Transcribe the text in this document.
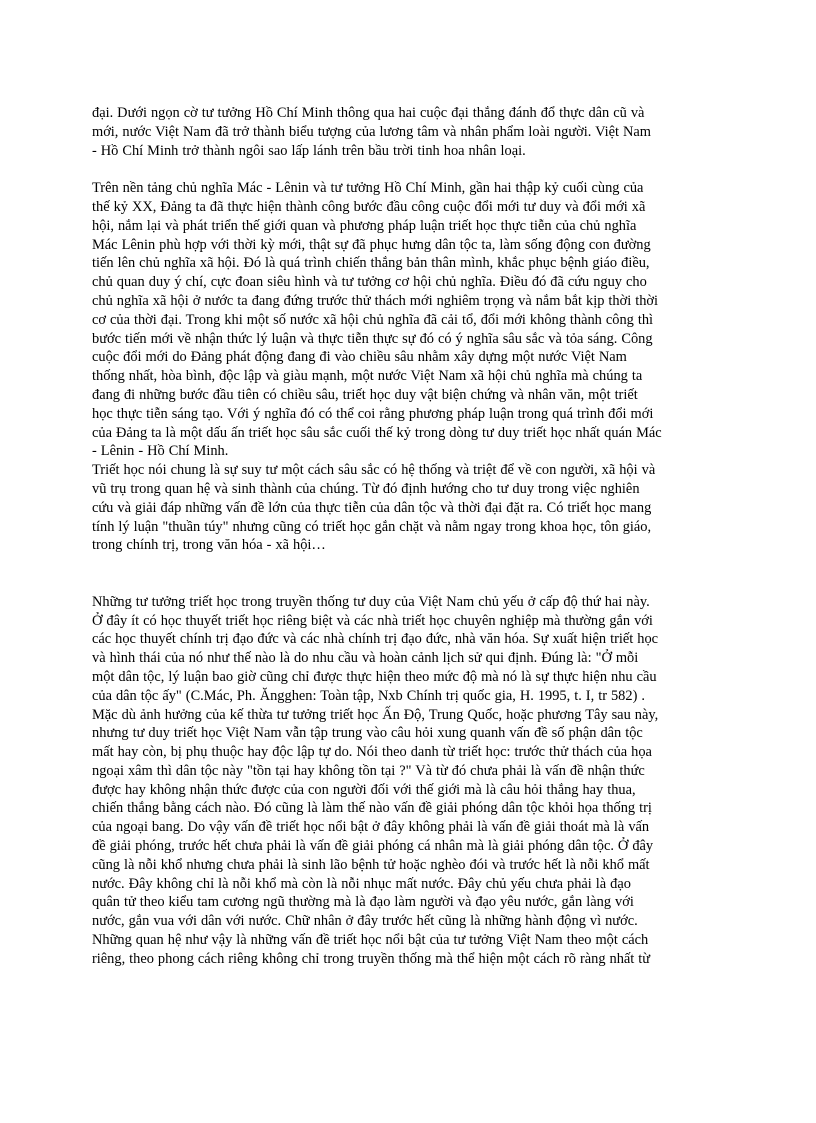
đại. Dưới ngọn cờ tư tưởng Hồ Chí Minh thông qua hai cuộc đại thắng đánh đổ thực dân cũ và
mới, nước Việt Nam đã trở thành biểu tượng của lương tâm và nhân phẩm loài người. Việt Nam
- Hồ Chí Minh trở thành ngôi sao lấp lánh trên bầu trời tinh hoa nhân loại.

Trên nền tảng chủ nghĩa Mác - Lênin và tư tưởng Hồ Chí Minh, gần hai thập kỷ cuối cùng của
thế kỷ XX, Đảng ta đã thực hiện thành công bước đầu công cuộc đổi mới tư duy và đổi mới xã
hội, nắm lại và phát triển thế giới quan và phương pháp luận triết học thực tiễn của chủ nghĩa
Mác Lênin phù hợp với thời kỳ mới, thật sự đã phục hưng dân tộc ta, làm sống động con đường
tiến lên chủ nghĩa xã hội. Đó là quá trình chiến thắng bản thân mình, khắc phục bệnh giáo điều,
chủ quan duy ý chí, cực đoan siêu hình và tư tưởng cơ hội chủ nghĩa. Điều đó đã cứu nguy cho
chủ nghĩa xã hội ở nước ta đang đứng trước thử thách mới nghiêm trọng và nắm bắt kịp thời thời
cơ của thời đại. Trong khi một số nước xã hội chủ nghĩa đã cải tổ, đổi mới không thành công thì
bước tiến mới về nhận thức lý luận và thực tiễn thực sự đó có ý nghĩa sâu sắc và tỏa sáng. Công
cuộc đổi mới do Đảng phát động đang đi vào chiều sâu nhằm xây dựng một nước Việt Nam
thống nhất, hòa bình, độc lập và giàu mạnh, một nước Việt Nam xã hội chủ nghĩa mà chúng ta
đang đi những bước đầu tiên có chiều sâu, triết học duy vật biện chứng và nhân văn, một triết
học thực tiễn sáng tạo. Với ý nghĩa đó có thể coi rằng phương pháp luận trong quá trình đổi mới
của Đảng ta là một dấu ấn triết học sâu sắc cuối thế kỷ trong dòng tư duy triết học nhất quán Mác
- Lênin - Hồ Chí Minh.

Triết học nói chung là sự suy tư một cách sâu sắc có hệ thống và triệt để về con người, xã hội và
vũ trụ trong quan hệ và sinh thành của chúng. Từ đó định hướng cho tư duy trong việc nghiên
cứu và giải đáp những vấn đề lớn của thực tiễn của dân tộc và thời đại đặt ra. Có triết học mang
tính lý luận "thuần túy" nhưng cũng có triết học gắn chặt và nằm ngay trong khoa học, tôn giáo,
trong chính trị, trong văn hóa - xã hội…

Những tư tưởng triết học trong truyền thống tư duy của Việt Nam chủ yếu ở cấp độ thứ hai này.
Ở đây ít có học thuyết triết học riêng biệt và các nhà triết học chuyên nghiệp mà thường gắn với
các học thuyết chính trị đạo đức và các nhà chính trị đạo đức, nhà văn hóa. Sự xuất hiện triết học
và hình thái của nó như thế nào là do nhu cầu và hoàn cảnh lịch sử qui định. Đúng là: "Ở mỗi
một dân tộc, lý luận bao giờ cũng chỉ được thực hiện theo mức độ mà nó là sự thực hiện nhu cầu
của dân tộc ấy" (C.Mác, Ph. Ăngghen: Toàn tập, Nxb Chính trị quốc gia, H. 1995, t. I, tr 582) .
Mặc dù ảnh hưởng của kế thừa tư tưởng triết học Ấn Độ, Trung Quốc, hoặc phương Tây sau này,
nhưng tư duy triết học Việt Nam vẫn tập trung vào câu hỏi xung quanh vấn đề số phận dân tộc
mất hay còn, bị phụ thuộc hay độc lập tự do. Nói theo danh từ triết học: trước thử thách của họa
ngoại xâm thì dân tộc này "tồn tại hay không tồn tại ?" Và từ đó chưa phải là vấn đề nhận thức
được hay không nhận thức được của con người đối với thế giới mà là câu hỏi thắng hay thua,
chiến thắng bằng cách nào. Đó cũng là làm thế nào vấn đề giải phóng dân tộc khỏi họa thống trị
của ngoại bang. Do vậy vấn đề triết học nổi bật ở đây không phải là vấn đề giải thoát mà là vấn
đề giải phóng, trước hết chưa phải là vấn đề giải phóng cá nhân mà là giải phóng dân tộc. Ở đây
cũng là nỗi khổ nhưng chưa phải là sinh lão bệnh tử hoặc nghèo đói và trước hết là nỗi khổ mất
nước. Đây không chỉ là nỗi khổ mà còn là nỗi nhục mất nước. Đây chủ yếu chưa phải là đạo
quân tử theo kiểu tam cương ngũ thường mà là đạo làm người và đạo yêu nước, gắn làng với
nước, gắn vua với dân với nước. Chữ nhân ở đây trước hết cũng là những hành động vì nước.
Những quan hệ như vậy là những vấn đề triết học nổi bật của tư tưởng Việt Nam theo một cách
riêng, theo phong cách riêng không chỉ trong truyền thống mà thể hiện một cách rõ ràng nhất từ
